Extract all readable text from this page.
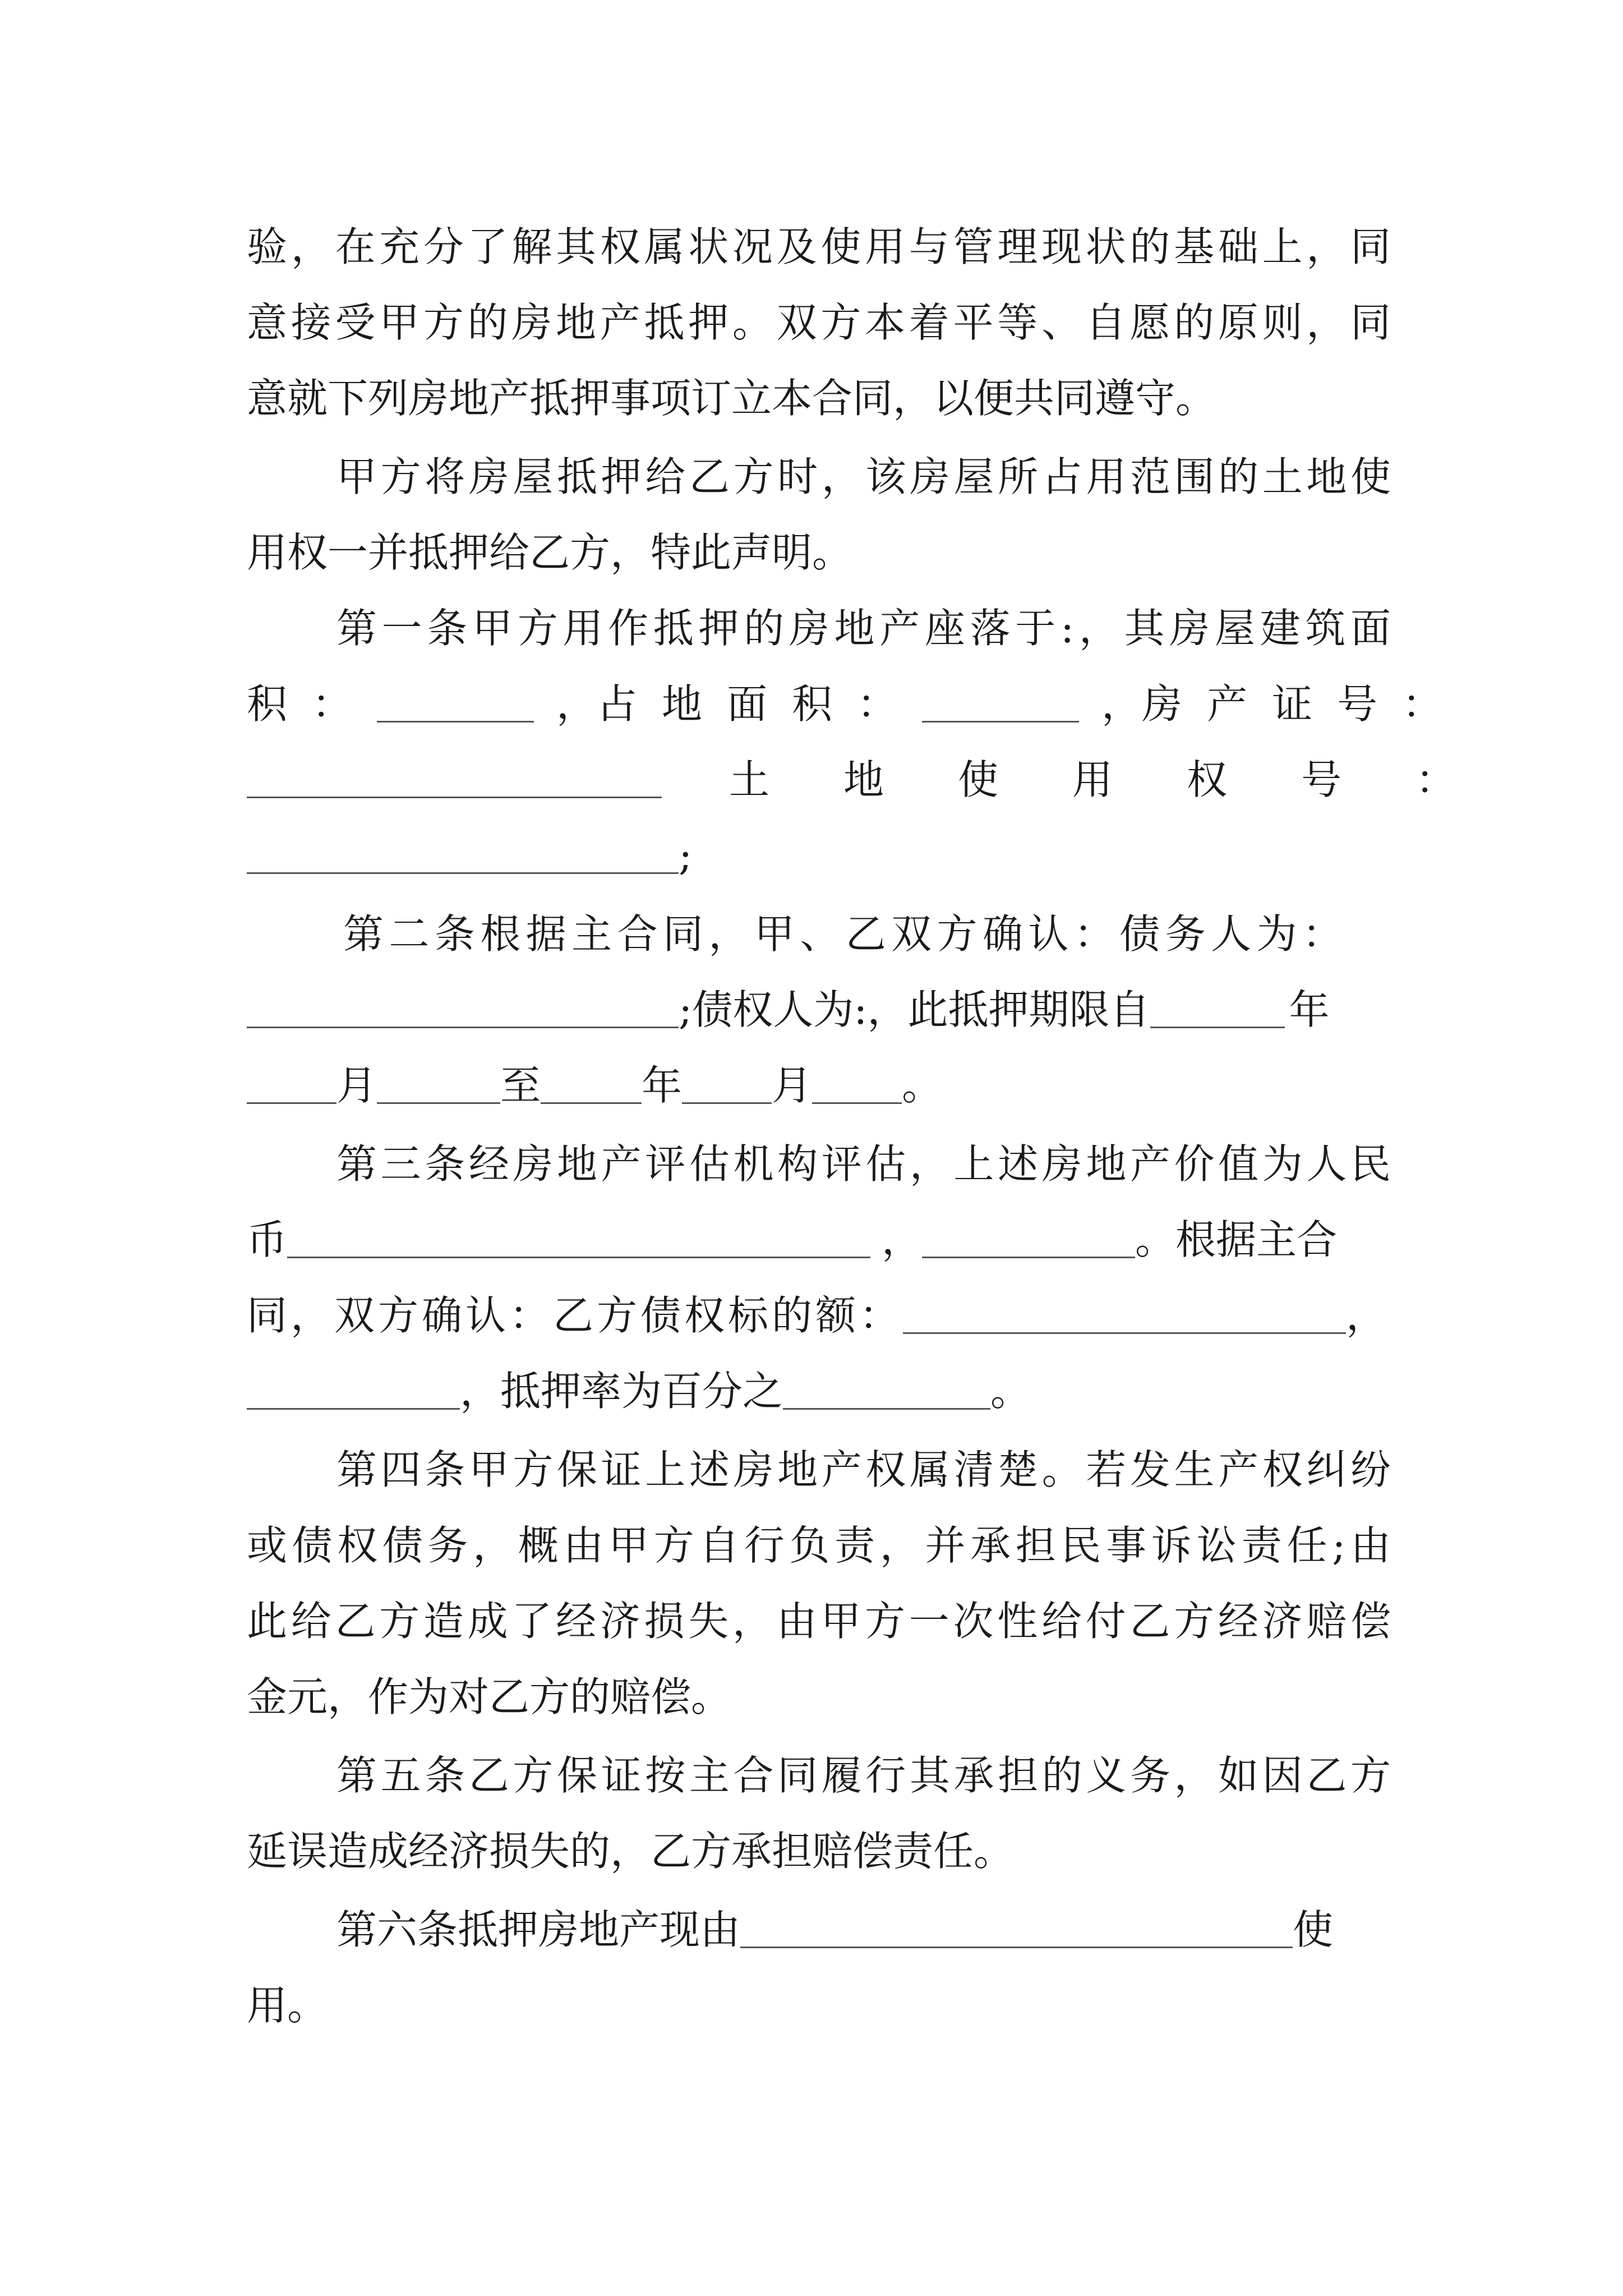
验，在充分了解其权属状况及使用与管理现状的基础上，同
意接受甲方的房地产抵押。双方本着平等、自愿的原则，同
意就下列房地产抵押事项订立本合同，以便共同遵守。
甲方将房屋抵押给乙方时，该房屋所占用范围的土地使
用权一并抵押给乙方，特此声明。
第一条甲方用作抵押的房地产座落于:，其房屋建筑面
积：	，占地面积：	，房产证号：
土地使用权号：
;
第二条根据主合同，甲、乙双方确认：债务人为：
;债权人为:，此抵押期限自	年
月	至	年 月 。
第三条经房地产评估机构评估，上述房地产价值为人民
币	，	。根据主合
同，双方确认：乙方债权标的额：	，
，抵押率为百分之	。
第四条甲方保证上述房地产权属清楚。若发生产权纠纷
或债权债务，概由甲方自行负责，并承担民事诉讼责任;由
此给乙方造成了经济损失，由甲方一次性给付乙方经济赔偿
金元，作为对乙方的赔偿。
第五条乙方保证按主合同履行其承担的义务，如因乙方
延误造成经济损失的，乙方承担赔偿责任。
第六条抵押房地产现由	使
用。
